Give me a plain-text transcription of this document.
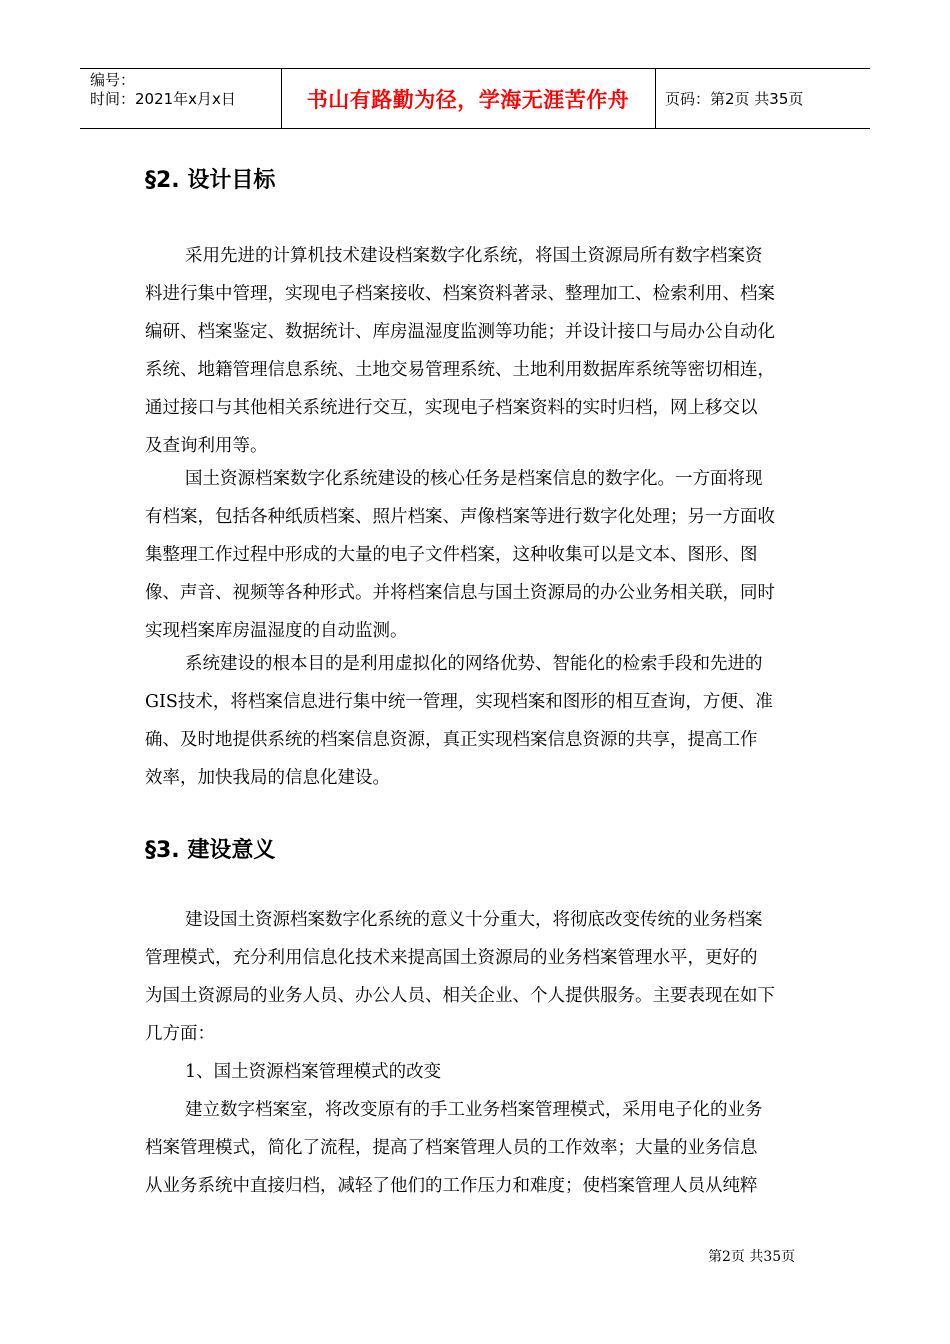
编号：
时间：2021年x月x日	书山有路勤为径，学海无涯苦作舟	页码：第2页 共35页
§2. 设计目标
采用先进的计算机技术建设档案数字化系统，将国土资源局所有数字档案资
料进行集中管理，实现电子档案接收、档案资料著录、整理加工、检索利用、档案
编研、档案鉴定、数据统计、库房温湿度监测等功能；并设计接口与局办公自动化
系统、地籍管理信息系统、土地交易管理系统、土地利用数据库系统等密切相连，
通过接口与其他相关系统进行交互，实现电子档案资料的实时归档，网上移交以
及查询利用等。
国土资源档案数字化系统建设的核心任务是档案信息的数字化。一方面将现
有档案，包括各种纸质档案、照片档案、声像档案等进行数字化处理；另一方面收
集整理工作过程中形成的大量的电子文件档案，这种收集可以是文本、图形、图
像、声音、视频等各种形式。并将档案信息与国土资源局的办公业务相关联，同时
实现档案库房温湿度的自动监测。
系统建设的根本目的是利用虚拟化的网络优势、智能化的检索手段和先进的
GIS技术，将档案信息进行集中统一管理，实现档案和图形的相互查询，方便、准
确、及时地提供系统的档案信息资源，真正实现档案信息资源的共享，提高工作
效率，加快我局的信息化建设。
§3. 建设意义
建设国土资源档案数字化系统的意义十分重大，将彻底改变传统的业务档案
管理模式，充分利用信息化技术来提高国土资源局的业务档案管理水平，更好的
为国土资源局的业务人员、办公人员、相关企业、个人提供服务。主要表现在如下
几方面：
1、国土资源档案管理模式的改变
建立数字档案室，将改变原有的手工业务档案管理模式，采用电子化的业务
档案管理模式，简化了流程，提高了档案管理人员的工作效率；大量的业务信息
从业务系统中直接归档，减轻了他们的工作压力和难度；使档案管理人员从纯粹
第2页 共35页
